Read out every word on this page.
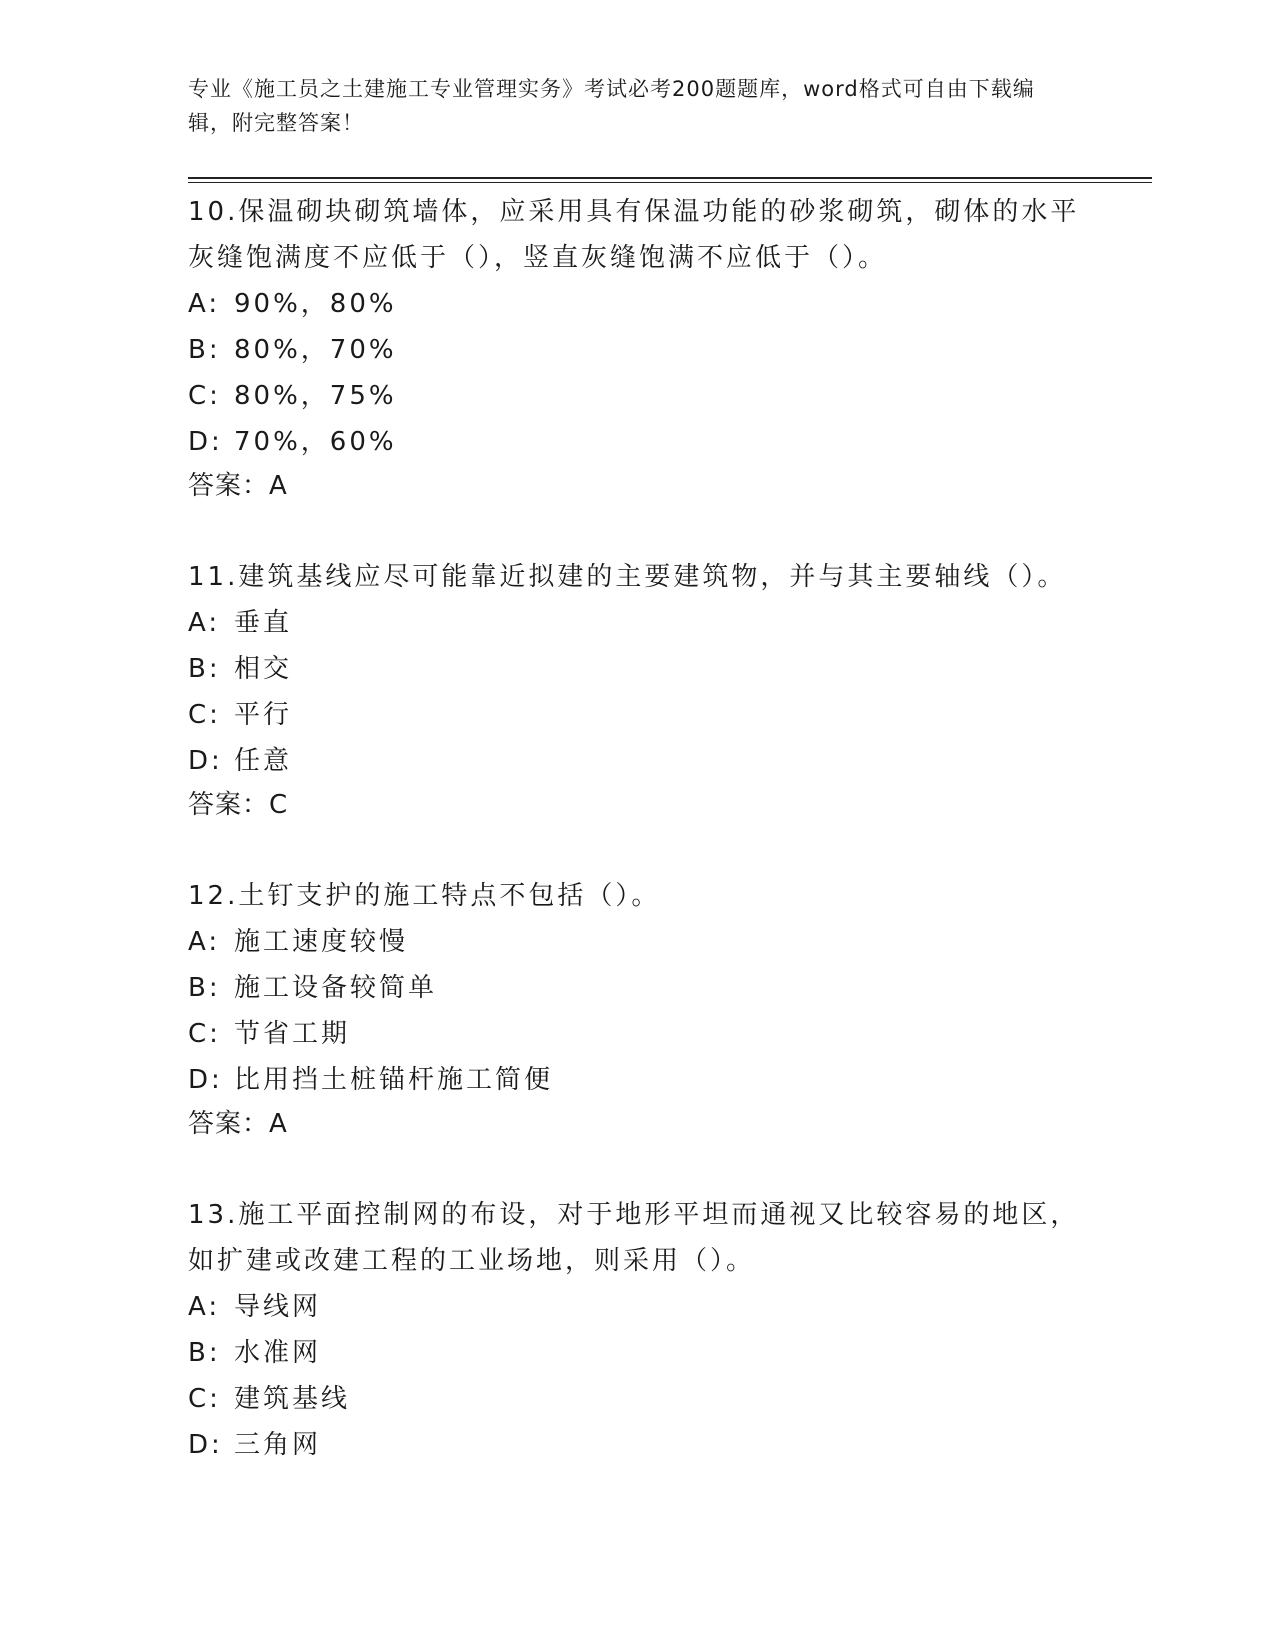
专业《施工员之土建施工专业管理实务》考试必考200题题库，word格式可自由下载编辑，附完整答案！

10.保温砌块砌筑墙体，应采用具有保温功能的砂浆砌筑，砌体的水平灰缝饱满度不应低于（），竖直灰缝饱满不应低于（）。

A: 90%，80%

B: 80%，70%

C: 80%，75%

D: 70%，60%

答案：A

11.建筑基线应尽可能靠近拟建的主要建筑物，并与其主要轴线（）。

A: 垂直

B: 相交

C: 平行

D: 任意

答案：C

12.土钉支护的施工特点不包括（）。

A: 施工速度较慢

B: 施工设备较简单

C: 节省工期

D: 比用挡土桩锚杆施工简便

答案：A

13.施工平面控制网的布设，对于地形平坦而通视又比较容易的地区，如扩建或改建工程的工业场地，则采用（）。

A: 导线网

B: 水准网

C: 建筑基线

D: 三角网
